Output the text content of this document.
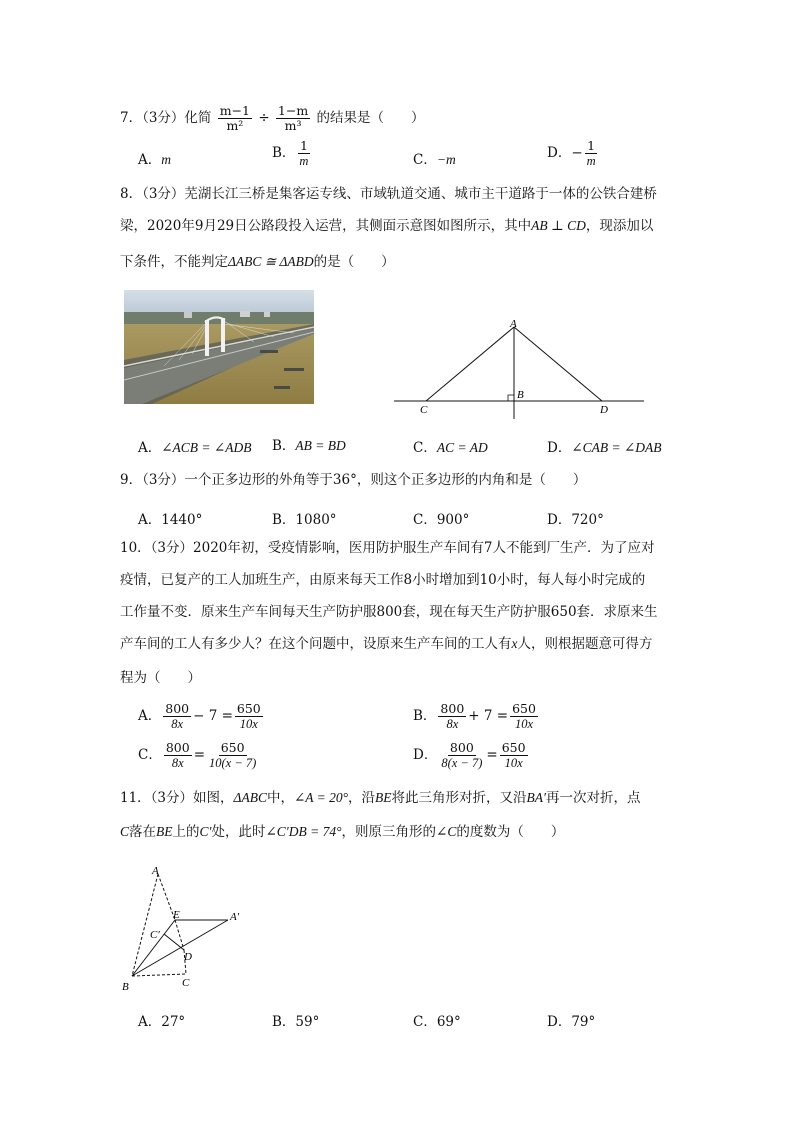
7．（3分）化简 $\frac{m-1}{\text{m²}} \div \frac{1-m}{\text{m³}}$ 的结果是（　　）
A．m	B． $\frac{1}{m}$	C．−m	D．− $\frac{1}{m}$
8．（3分）芜湖长江三桥是集客运专线、市域轨道交通、城市主干道路于一体的公铁合建桥
梁，2020年9月29日公路段投入运营，其侧面示意图如图所示，其中AB ⊥ CD，现添加以
下条件，不能判定ΔABC ≅ ΔABD的是（　　）
A
B
C	D
A．∠ACB = ∠ADB B．AB = BD	C．AC = AD	D．∠CAB = ∠DAB
9．（3分）一个正多边形的外角等于36°，则这个正多边形的内角和是（　　）
A．1440°	B．1080°	C．900°	D．720°
10．（3分）2020年初，受疫情影响，医用防护服生产车间有7人不能到厂生产．为了应对
疫情，已复产的工人加班生产，由原来每天工作8小时增加到10小时，每人每小时完成的
工作量不变．原来生产车间每天生产防护服800套，现在每天生产防护服650套．求原来生
产车间的工人有多少人？在这个问题中，设原来生产车间的工人有x人，则根据题意可得方
程为（　　）
A． $\frac{800}{8x} - 7 = \frac{650}{10x}$	B． $\frac{800}{8x} + 7 = \frac{650}{10x}$
C． $\frac{800}{8x} = \frac{650}{10(x - 7)}$	D． $\frac{800}{8(x - 7)} = \frac{650}{10x}$
11．（3分）如图，ΔABC中，∠A = 20°，沿BE将此三角形对折，又沿BA′再一次对折，点
C落在BE上的C′处，此时∠C′DB = 74°，则原三角形的∠C的度数为（　　）
A
E	A′
C′
D
B	C
A．27°	B．59°	C．69°	D．79°
